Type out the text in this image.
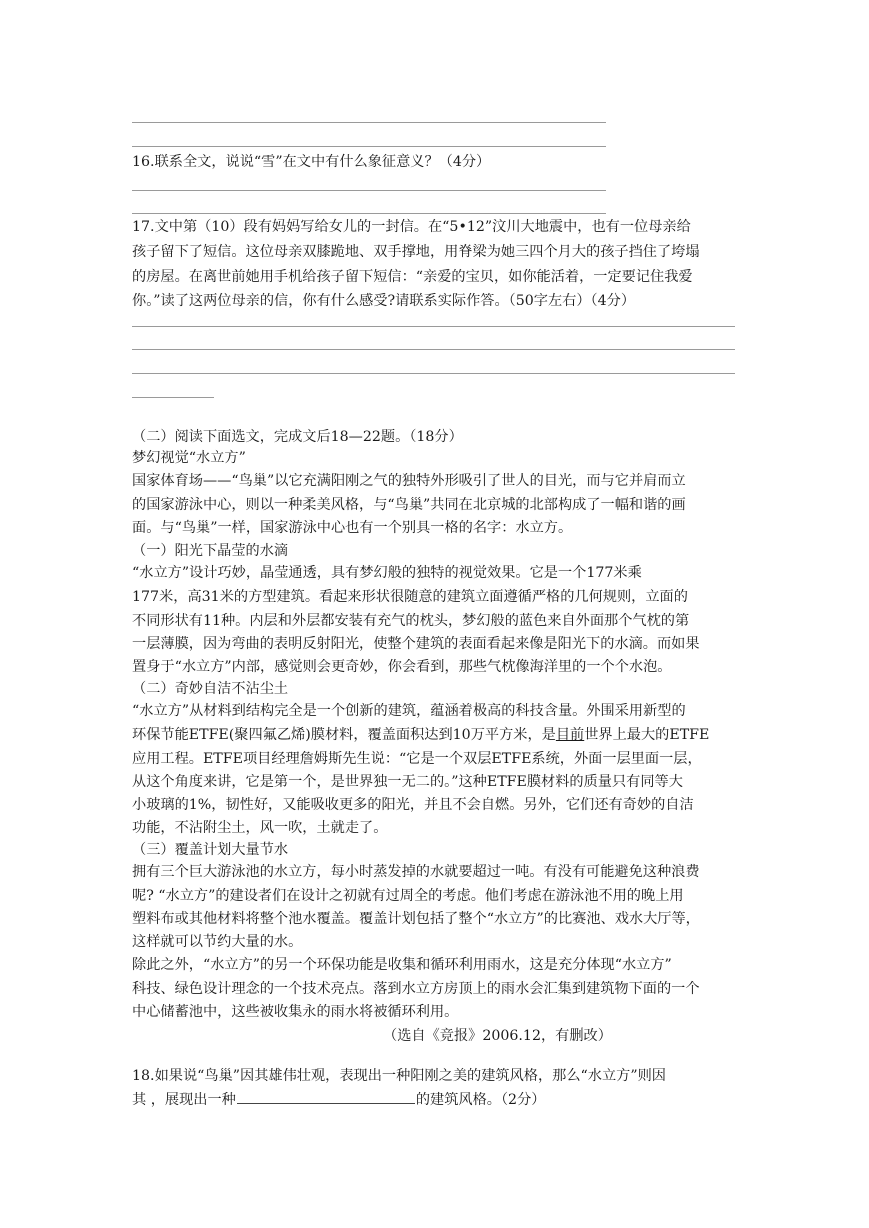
16.联系全文，说说“雪”在文中有什么象征意义？（4分）
17.文中第（10）段有妈妈写给女儿的一封信。在“5•12”汶川大地震中，也有一位母亲给
孩子留下了短信。这位母亲双膝跪地、双手撑地，用脊梁为她三四个月大的孩子挡住了垮塌
的房屋。在离世前她用手机给孩子留下短信：“亲爱的宝贝，如你能活着，一定要记住我爱
你。”读了这两位母亲的信，你有什么感受?请联系实际作答。（50字左右）（4分）
（二）阅读下面选文，完成文后18—22题。（18分）
梦幻视觉“水立方”
国家体育场——“鸟巢”以它充满阳刚之气的独特外形吸引了世人的目光，而与它并肩而立
的国家游泳中心，则以一种柔美风格，与“鸟巢”共同在北京城的北部构成了一幅和谐的画
面。与“鸟巢”一样，国家游泳中心也有一个别具一格的名字：水立方。
（一）阳光下晶莹的水滴
“水立方”设计巧妙，晶莹通透，具有梦幻般的独特的视觉效果。它是一个177米乘
177米，高31米的方型建筑。看起来形状很随意的建筑立面遵循严格的几何规则，立面的
不同形状有11种。内层和外层都安装有充气的枕头，梦幻般的蓝色来自外面那个气枕的第
一层薄膜，因为弯曲的表明反射阳光，使整个建筑的表面看起来像是阳光下的水滴。而如果
置身于“水立方”内部，感觉则会更奇妙，你会看到，那些气枕像海洋里的一个个水泡。
（二）奇妙自洁不沾尘土
“水立方”从材料到结构完全是一个创新的建筑，蕴涵着极高的科技含量。外围采用新型的
环保节能ETFE(聚四氟乙烯)膜材料，覆盖面积达到10万平方米，是目前世界上最大的ETFE
应用工程。ETFE项目经理詹姆斯先生说：“它是一个双层ETFE系统，外面一层里面一层，
从这个角度来讲，它是第一个，是世界独一无二的。”这种ETFE膜材料的质量只有同等大
小玻璃的1%，韧性好，又能吸收更多的阳光，并且不会自燃。另外，它们还有奇妙的自洁
功能，不沾附尘土，风一吹，土就走了。
（三）覆盖计划大量节水
拥有三个巨大游泳池的水立方，每小时蒸发掉的水就要超过一吨。有没有可能避免这种浪费
呢? “水立方”的建设者们在设计之初就有过周全的考虑。他们考虑在游泳池不用的晚上用
塑料布或其他材料将整个池水覆盖。覆盖计划包括了整个“水立方”的比赛池、戏水大厅等，
这样就可以节约大量的水。
除此之外，“水立方”的另一个环保功能是收集和循环利用雨水，这是充分体现“水立方”
科技、绿色设计理念的一个技术亮点。落到水立方房顶上的雨水会汇集到建筑物下面的一个
中心储蓄池中，这些被收集永的雨水将被循环利用。
（选自《竞报》2006.12，有删改）
18.如果说“鸟巢”因其雄伟壮观，表现出一种阳刚之美的建筑风格，那么“水立方”则因
其 ，展现出一种	的建筑风格。（2分）
